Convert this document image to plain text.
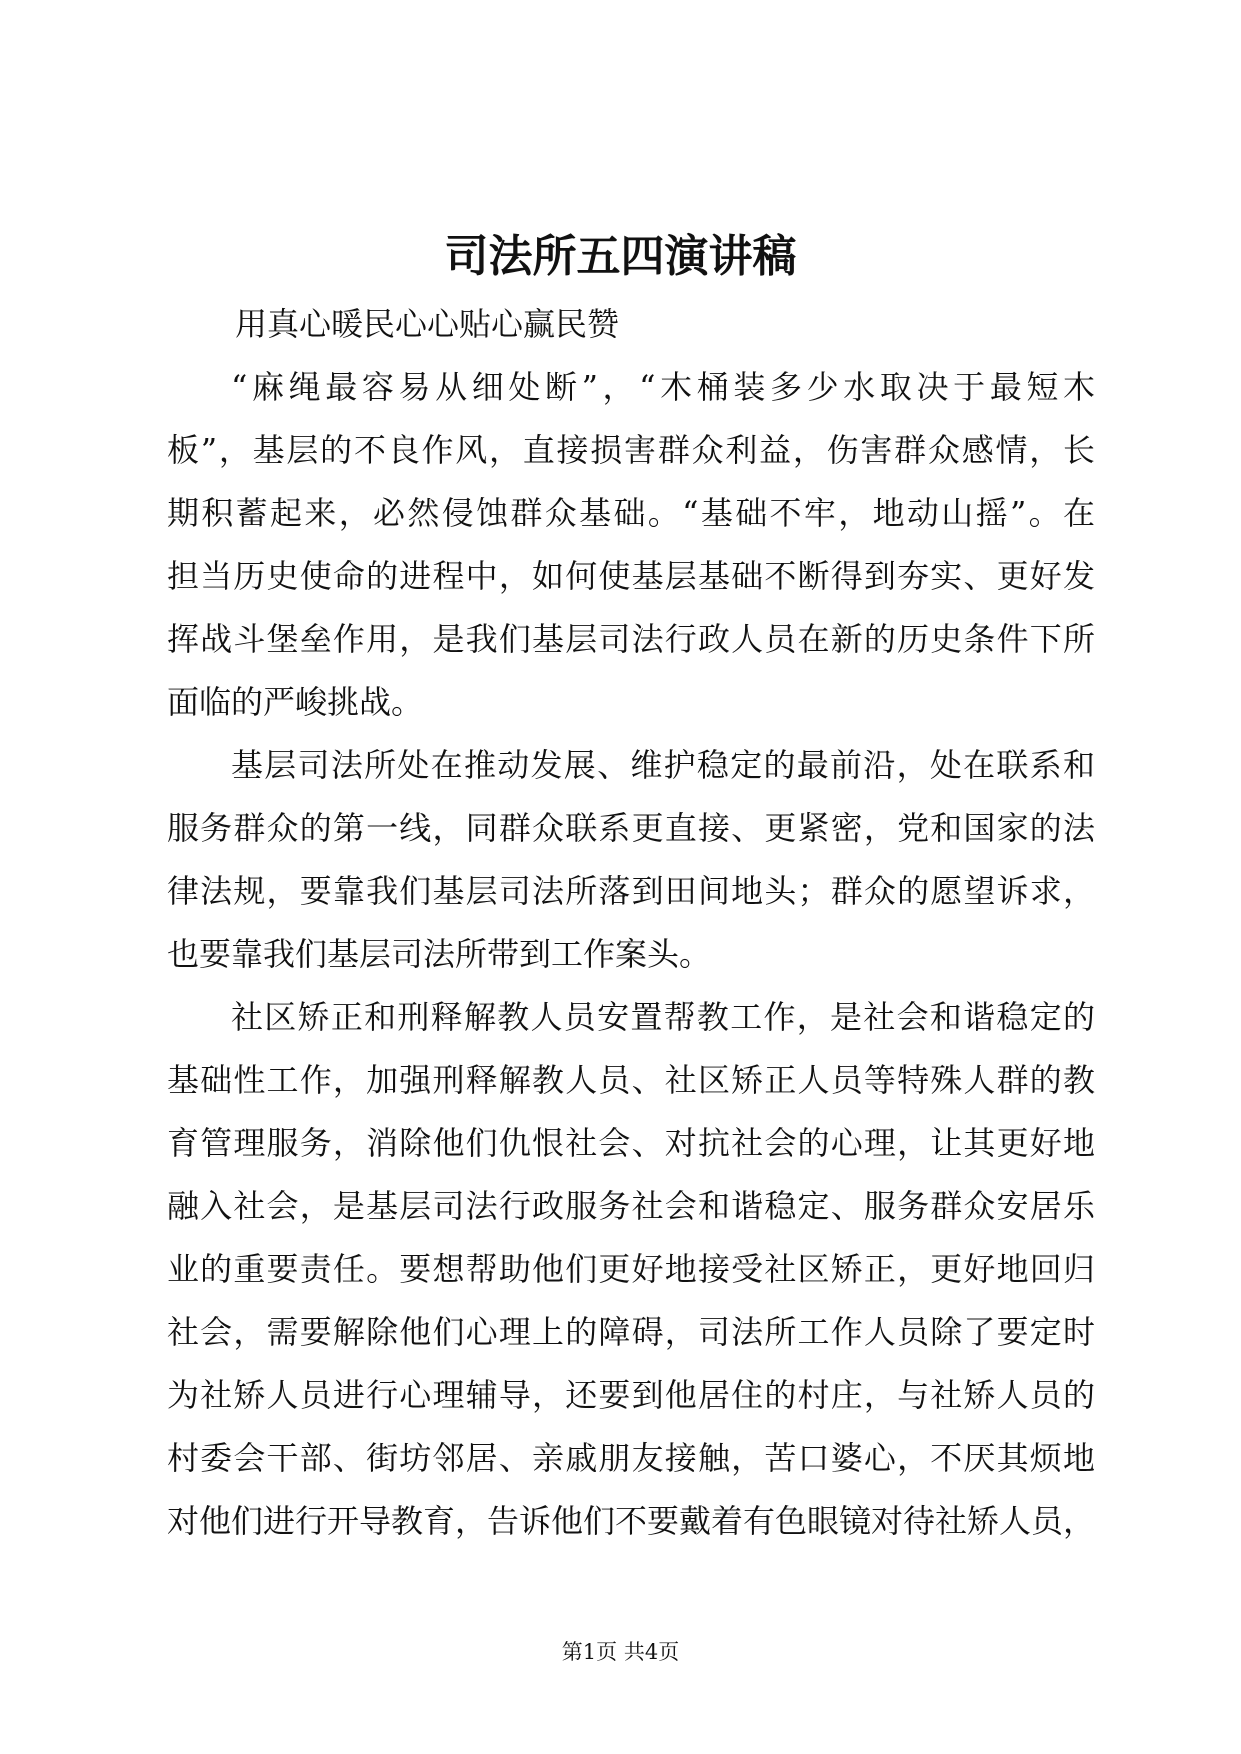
司法所五四演讲稿
用真心暖民心心贴心赢民赞
“麻绳最容易从细处断”，“木桶装多少水取决于最短木
板”，基层的不良作风，直接损害群众利益，伤害群众感情，长
期积蓄起来，必然侵蚀群众基础。“基础不牢，地动山摇”。在
担当历史使命的进程中，如何使基层基础不断得到夯实、更好发
挥战斗堡垒作用，是我们基层司法行政人员在新的历史条件下所
面临的严峻挑战。
基层司法所处在推动发展、维护稳定的最前沿，处在联系和
服务群众的第一线，同群众联系更直接、更紧密，党和国家的法
律法规，要靠我们基层司法所落到田间地头；群众的愿望诉求，
也要靠我们基层司法所带到工作案头。
社区矫正和刑释解教人员安置帮教工作，是社会和谐稳定的
基础性工作，加强刑释解教人员、社区矫正人员等特殊人群的教
育管理服务，消除他们仇恨社会、对抗社会的心理，让其更好地
融入社会，是基层司法行政服务社会和谐稳定、服务群众安居乐
业的重要责任。要想帮助他们更好地接受社区矫正，更好地回归
社会，需要解除他们心理上的障碍，司法所工作人员除了要定时
为社矫人员进行心理辅导，还要到他居住的村庄，与社矫人员的
村委会干部、街坊邻居、亲戚朋友接触，苦口婆心，不厌其烦地
对他们进行开导教育，告诉他们不要戴着有色眼镜对待社矫人员，
第1页 共4页
